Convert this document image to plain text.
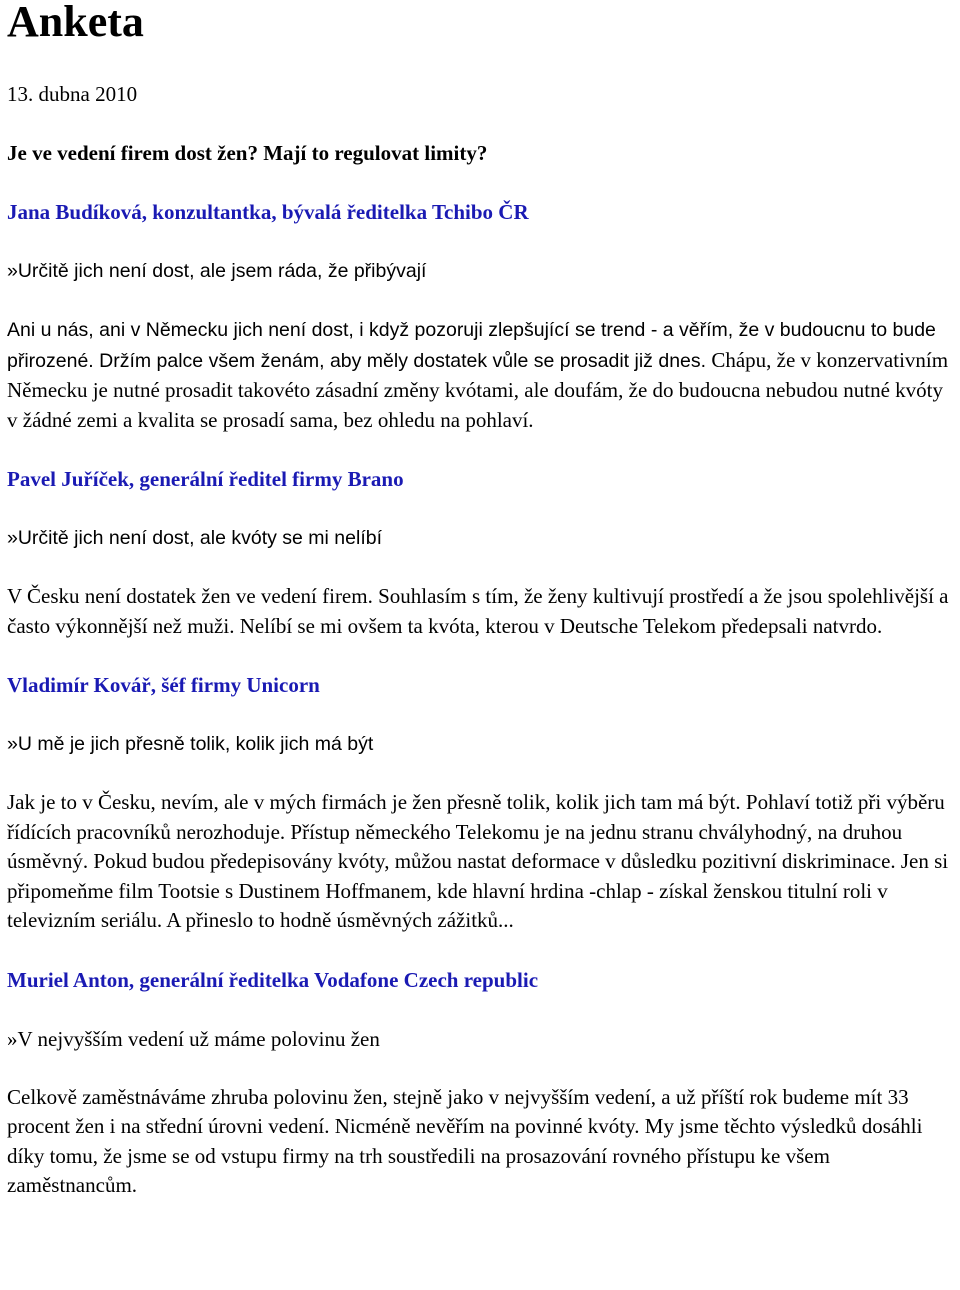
Anketa
13. dubna 2010
Je ve vedení firem dost žen? Mají to regulovat limity?
Jana Budíková, konzultantka, bývalá ředitelka Tchibo ČR
»Určitě jich není dost, ale jsem ráda, že přibývají
Ani u nás, ani v Německu jich není dost, i když pozoruji zlepšující se trend - a věřím, že v budoucnu to bude přirozené. Držím palce všem ženám, aby měly dostatek vůle se prosadit již dnes. Chápu, že v konzervativním Německu je nutné prosadit takovéto zásadní změny kvótami, ale doufám, že do budoucna nebudou nutné kvóty v žádné zemi a kvalita se prosadí sama, bez ohledu na pohlaví.
Pavel Juříček, generální ředitel firmy Brano
»Určitě jich není dost, ale kvóty se mi nelíbí
V Česku není dostatek žen ve vedení firem. Souhlasím s tím, že ženy kultivují prostředí a že jsou spolehlivější a často výkonnější než muži. Nelíbí se mi ovšem ta kvóta, kterou v Deutsche Telekom předepsali natvrdo.
Vladimír Kovář, šéf firmy Unicorn
»U mě je jich přesně tolik, kolik jich má být
Jak je to v Česku, nevím, ale v mých firmách je žen přesně tolik, kolik jich tam má být. Pohlaví totiž při výběru řídících pracovníků nerozhoduje. Přístup německého Telekomu je na jednu stranu chvályhodný, na druhou úsměvný. Pokud budou předepisovány kvóty, můžou nastat deformace v důsledku pozitivní diskriminace. Jen si připomeňme film Tootsie s Dustinem Hoffmanem, kde hlavní hrdina -chlap - získal ženskou titulní roli v televizním seriálu. A přineslo to hodně úsměvných zážitků...
Muriel Anton, generální ředitelka Vodafone Czech republic
»V nejvyšším vedení už máme polovinu žen
Celkově zaměstnáváme zhruba polovinu žen, stejně jako v nejvyšším vedení, a už příští rok budeme mít 33 procent žen i na střední úrovni vedení. Nicméně nevěřím na povinné kvóty. My jsme těchto výsledků dosáhli díky tomu, že jsme se od vstupu firmy na trh soustředili na prosazování rovného přístupu ke všem zaměstnancům.
